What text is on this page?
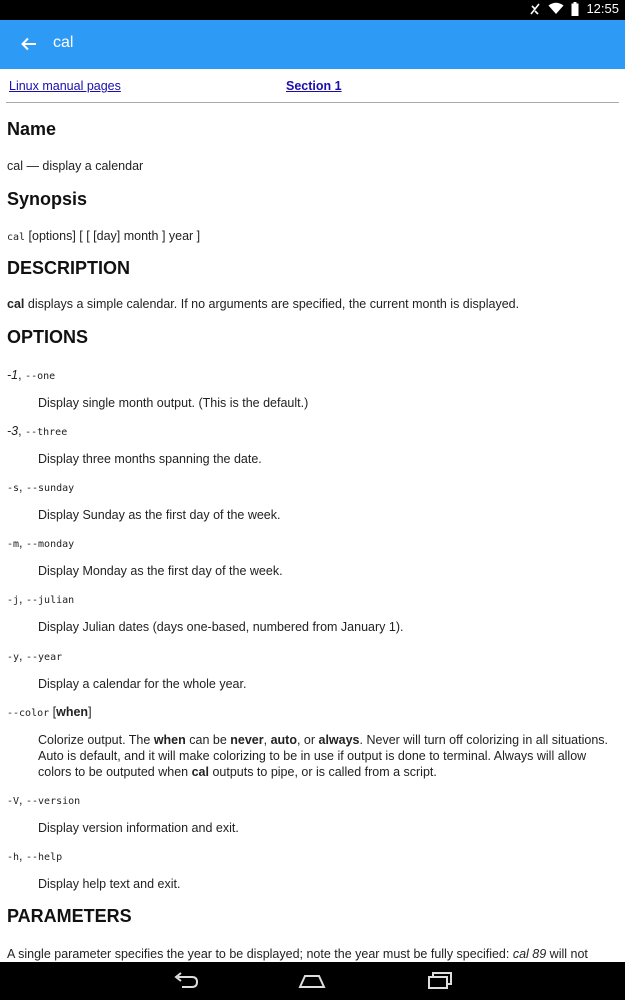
12:55
cal
Linux manual pages	Section 1
Name

cal — display a calendar

Synopsis

cal [options] [ [ [day] month ] year ]

DESCRIPTION

cal displays a simple calendar. If no arguments are specified, the current month is displayed.

OPTIONS

-1, --one

Display single month output. (This is the default.)

-3, --three

Display three months spanning the date.

-s, --sunday

Display Sunday as the first day of the week.

-m, --monday

Display Monday as the first day of the week.

-j, --julian

Display Julian dates (days one-based, numbered from January 1).

-y, --year

Display a calendar for the whole year.

--color [when]

Colorize output. The when can be never, auto, or always. Never will turn off colorizing in all situations. Auto is default, and it will make colorizing to be in use if output is done to terminal. Always will allow colors to be outputed when cal outputs to pipe, or is called from a script.

-V, --version

Display version information and exit.

-h, --help

Display help text and exit.

PARAMETERS

A single parameter specifies the year to be displayed; note the year must be fully specified: cal 89 will not
